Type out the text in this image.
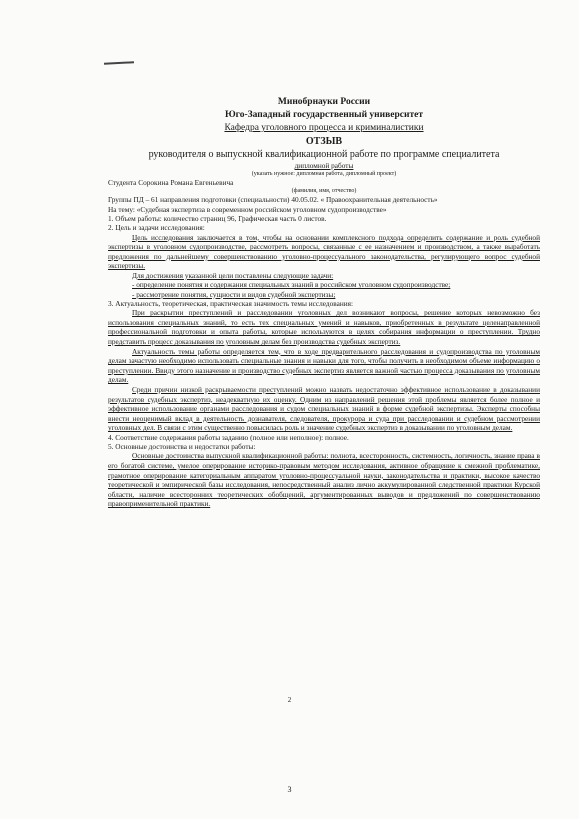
Минобрнауки России
Юго-Западный государственный университет
Кафедра уголовного процесса и криминалистики
ОТЗЫВ
руководителя о выпускной квалификационной работе по программе специалитета
дипломной работы
(указать нужное: дипломная работа, дипломный проект)
Студента Сорокина Романа Евгеньевича
(фамилия, имя, отчество)
Группы ПД – 61 направления подготовки (специальности) 40.05.02. « Правоохранительная деятельность»
На тему: «Судебная экспертиза в современном российском уголовном судопроизводстве»
1. Объем работы: количество страниц 96, Графическая часть 0 листов.
2. Цель и задачи исследования:
Цель исследования заключается в том, чтобы на основании комплексного подхода определить содержание и роль судебной экспертизы в уголовном судопроизводстве, рассмотреть вопросы, связанные с ее назначением и производством, а также выработать предложения по дальнейшему совершенствованию уголовно-процессуального законодательства, регулирующего вопрос судебной экспертизы.
Для достижения указанной цели поставлены следующие задачи:
- определение понятия и содержания специальных знаний в российском уголовном судопроизводстве;
- рассмотрение понятия, сущности и видов судебной экспертизы;
3. Актуальность, теоретическая, практическая значимость темы исследования:
При раскрытии преступлений и расследовании уголовных дел возникают вопросы, решение которых невозможно без использования специальных знаний, то есть тех специальных умений и навыков, приобретенных в результате целенаправленной профессиональной подготовки и опыта работы, которые используются в целях собирания информации о преступлении. Трудно представить процесс доказывания по уголовным делам без производства судебных экспертиз.
Актуальность темы работы определяется тем, что в ходе предварительного расследования и судопроизводства по уголовным делам зачастую необходимо использовать специальные знания и навыки для того, чтобы получить в необходимом объеме информацию о преступлении. Ввиду этого назначение и производство судебных экспертиз является важной частью процесса доказывания по уголовным делам.
Среди причин низкой раскрываемости преступлений можно назвать недостаточно эффективное использование в доказывании результатов судебных экспертиз, неадекватную их оценку. Одним из направлений решения этой проблемы является более полное и эффективное использование органами расследования и судом специальных знаний в форме судебной экспертизы. Эксперты способны внести неоценимый вклад в деятельность дознавателя, следователя, прокурора и суда при расследовании и судебном рассмотрении уголовных дел. В связи с этим существенно повысилась роль и значение судебных экспертиз в доказывании по уголовным делам.
4. Соответствие содержания работы заданию (полное или неполное): полное.
5. Основные достоинства и недостатки работы:
Основные достоинства выпускной квалификационной работы: полнота, всесторонность, системность, логичность, знание права в его богатой системе, умелое оперирование историко-правовым методом исследования, активное обращение к смежной проблематике, грамотное оперирование категориальным аппаратом уголовно-процессуальной науки, законодательства и практики, высокое качество теоретической и эмпирической базы исследования, непосредственный анализ лично аккумулированной следственной практики Курской области, наличие всесторонних теоретических обобщений, аргументированных выводов и предложений по совершенствованию правоприменительной практики.
2
3
